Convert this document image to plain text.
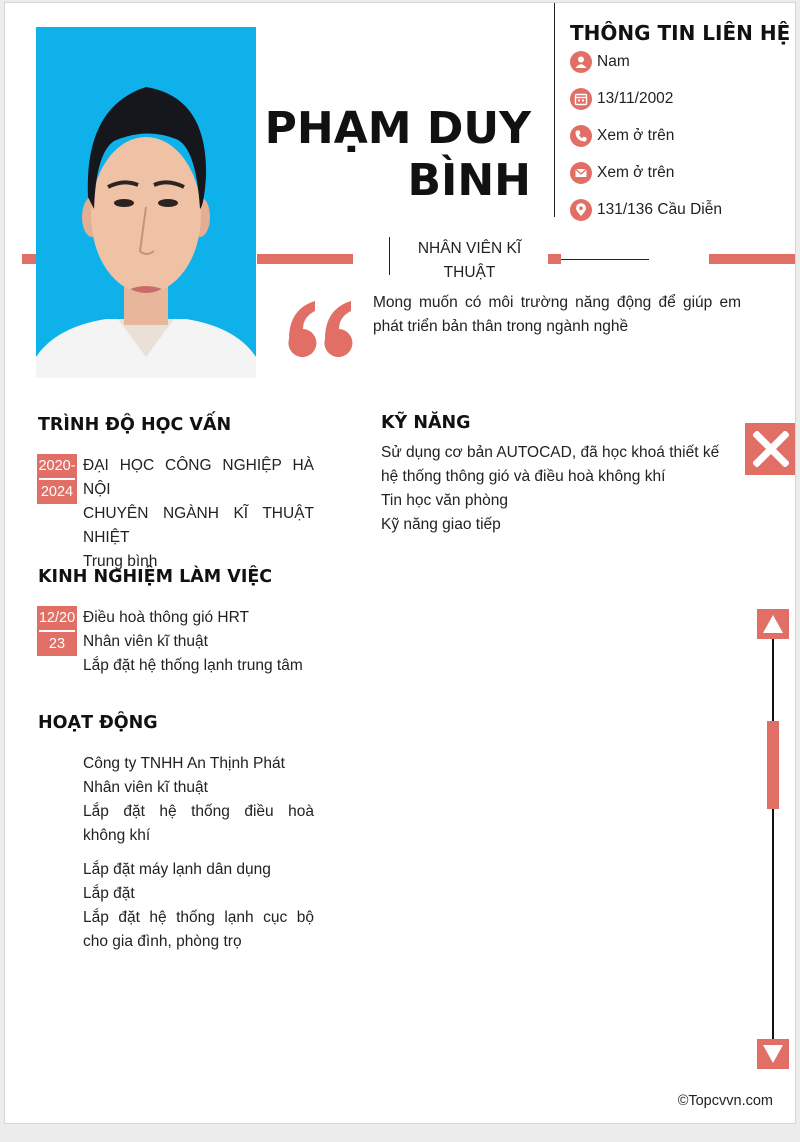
PHẠM DUY
BÌNH
THÔNG TIN LIÊN HỆ
Nam
13/11/2002
Xem ở trên
Xem ở trên
131/136 Cầu Diễn
NHÂN VIÊN KĨ
THUẬT
Mong muốn có môi trường năng động để giúp em phát triển bản thân trong ngành nghề
TRÌNH ĐỘ HỌC VẤN
2020-
2024
ĐẠI HỌC CÔNG NGHIỆP HÀ NỘI
CHUYÊN NGÀNH KĨ THUẬT
NHIỆT
Trung bình
KINH NGHIỆM LÀM VIỆC
12/20
23
Điều hoà thông gió HRT
Nhân viên kĩ thuật
Lắp đặt hệ thống lạnh trung tâm
HOẠT ĐỘNG
Công ty TNHH An Thịnh Phát
Nhân viên kĩ thuật
Lắp đặt hệ thống điều hoà
không khí
Lắp đặt máy lạnh dân dụng
Lắp đặt
Lắp đặt hệ thống lạnh cục bộ
cho gia đình, phòng trọ
KỸ NĂNG
Sử dụng cơ bản AUTOCAD, đã học khoá thiết kế hệ thống thông gió và điều hoà không khí
Tin học văn phòng
Kỹ năng giao tiếp
©Topcvvn.com
